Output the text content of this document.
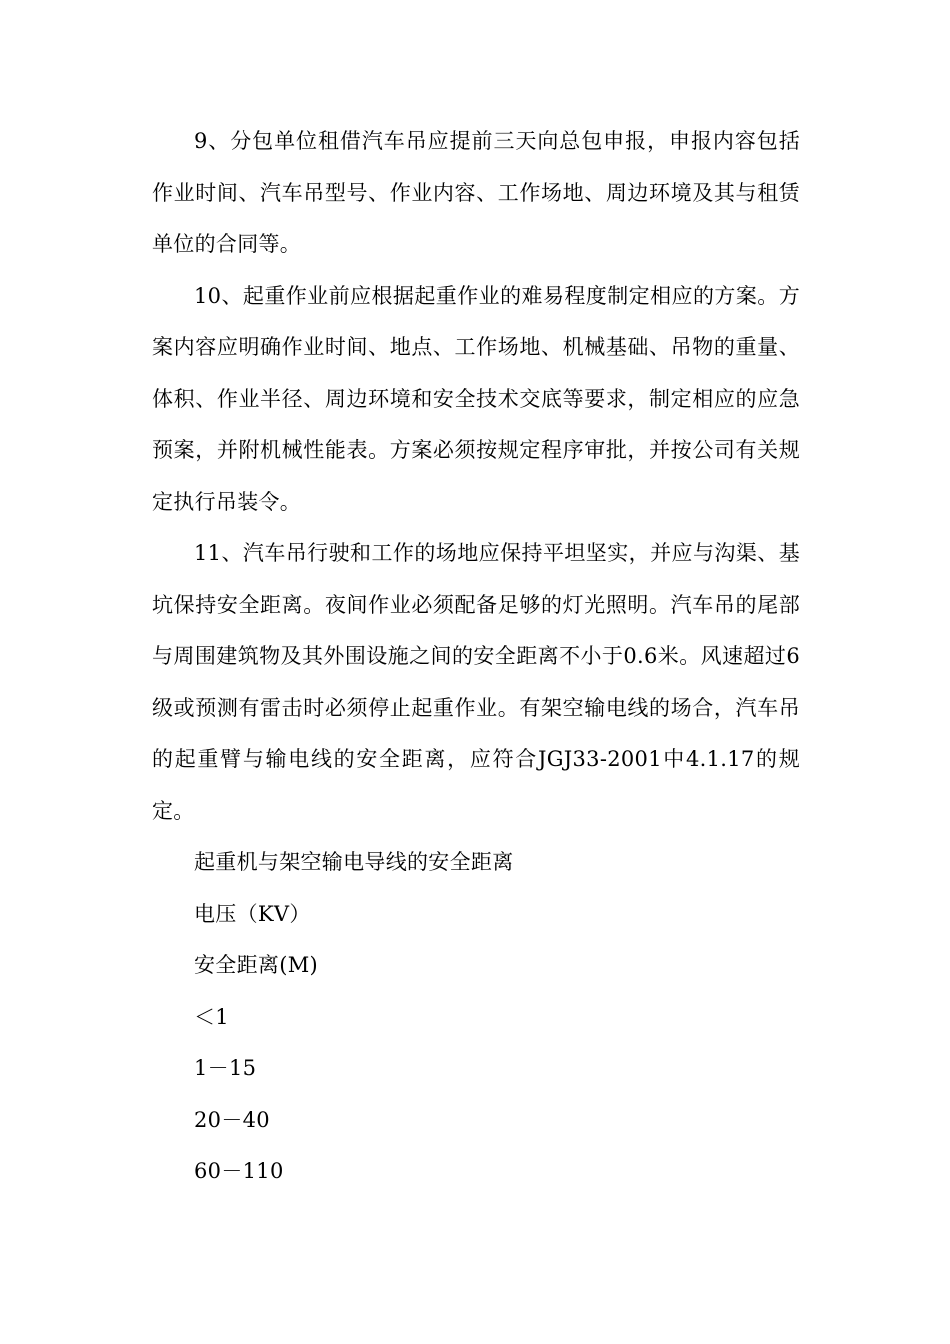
9、分包单位租借汽车吊应提前三天向总包申报，申报内容包括作业时间、汽车吊型号、作业内容、工作场地、周边环境及其与租赁单位的合同等。

10、起重作业前应根据起重作业的难易程度制定相应的方案。方案内容应明确作业时间、地点、工作场地、机械基础、吊物的重量、体积、作业半径、周边环境和安全技术交底等要求，制定相应的应急预案，并附机械性能表。方案必须按规定程序审批，并按公司有关规定执行吊装令。

11、汽车吊行驶和工作的场地应保持平坦坚实，并应与沟渠、基坑保持安全距离。夜间作业必须配备足够的灯光照明。汽车吊的尾部与周围建筑物及其外围设施之间的安全距离不小于0.6米。风速超过6级或预测有雷击时必须停止起重作业。有架空输电线的场合，汽车吊的起重臂与输电线的安全距离，应符合JGJ33-2001中4.1.17的规定。

起重机与架空输电导线的安全距离
电压（KV）
安全距离(M)
＜1
1－15
20－40
60－110
